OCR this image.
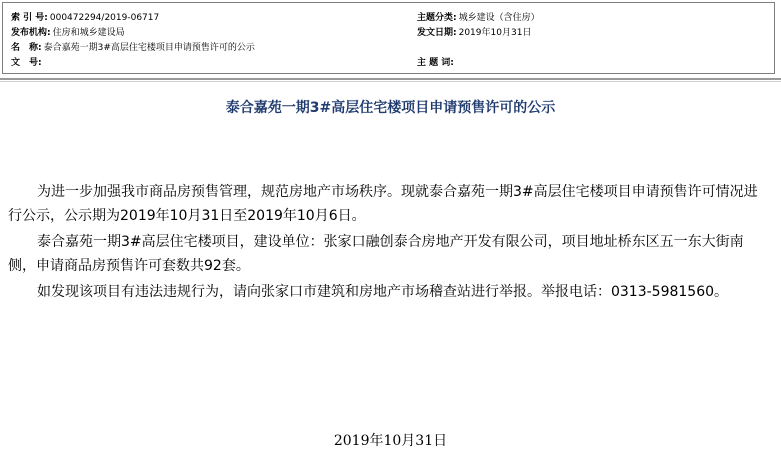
索 引 号: 000472294/2019-06717	主题分类: 城乡建设（含住房）
发布机构: 住房和城乡建设局	发文日期: 2019年10月31日
名　称: 泰合嘉苑一期3#高层住宅楼项目申请预售许可的公示
文　号:	主 题 词:
泰合嘉苑一期3#高层住宅楼项目申请预售许可的公示

为进一步加强我市商品房预售管理，规范房地产市场秩序。现就泰合嘉苑一期3#高层住宅楼项目申请预售许可情况进行公示，公示期为2019年10月31日至2019年10月6日。

泰合嘉苑一期3#高层住宅楼项目，建设单位：张家口融创泰合房地产开发有限公司，项目地址桥东区五一东大街南侧，申请商品房预售许可套数共92套。

如发现该项目有违法违规行为，请向张家口市建筑和房地产市场稽查站进行举报。举报电话：0313-5981560。

2019年10月31日
